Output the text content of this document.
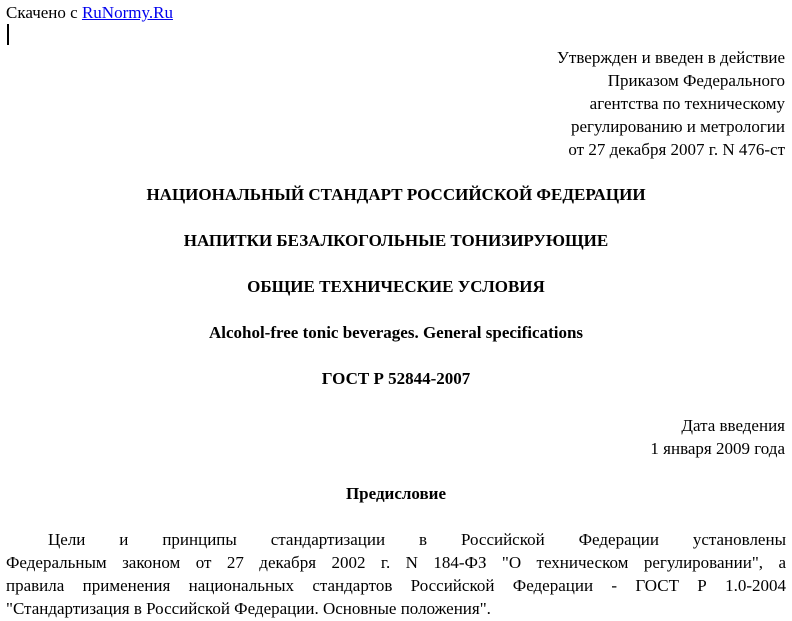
Скачено с RuNormy.Ru
Утвержден и введен в действие
Приказом Федерального
агентства по техническому
регулированию и метрологии
от 27 декабря 2007 г. N 476-ст
НАЦИОНАЛЬНЫЙ СТАНДАРТ РОССИЙСКОЙ ФЕДЕРАЦИИ
НАПИТКИ БЕЗАЛКОГОЛЬНЫЕ ТОНИЗИРУЮЩИЕ
ОБЩИЕ ТЕХНИЧЕСКИЕ УСЛОВИЯ
Alcohol-free tonic beverages. General specifications
ГОСТ Р 52844-2007
Дата введения
1 января 2009 года
Предисловие
Цели и принципы стандартизации в Российской Федерации установлены
Федеральным законом от 27 декабря 2002 г. N 184-ФЗ "О техническом регулировании", а
правила применения национальных стандартов Российской Федерации - ГОСТ Р 1.0-2004
"Стандартизация в Российской Федерации. Основные положения".
